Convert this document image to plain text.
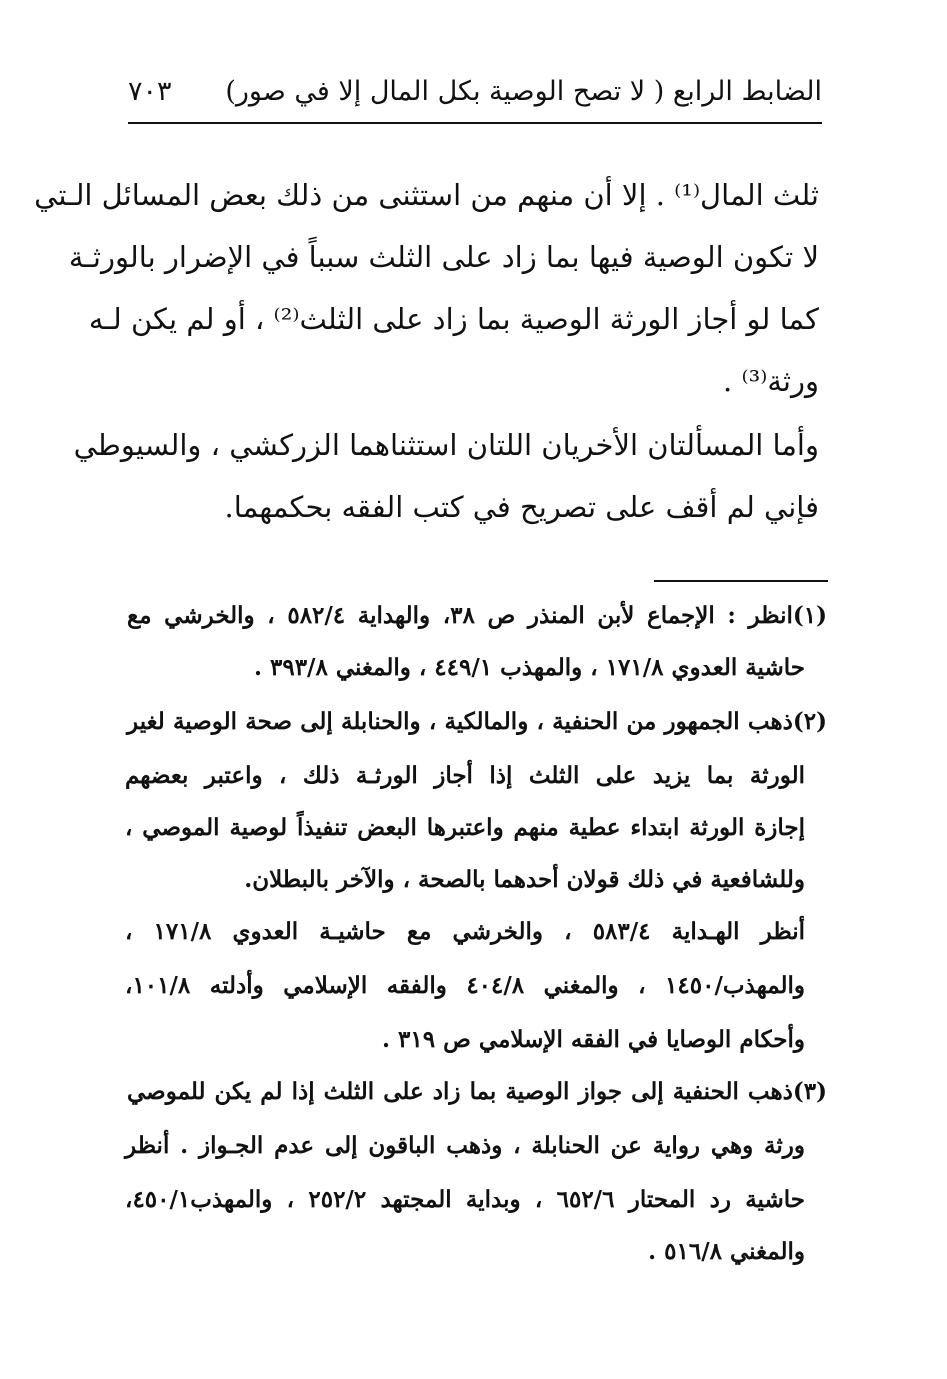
الضابط الرابع ( لا تصح الوصية بكل المال إلا في صور)
٧٠٣
ثلث المال⁽¹⁾ . إلا أن منهم من استثنى من ذلك بعض المسائل الـتي
لا تكون الوصية فيها بما زاد على الثلث سبباً في الإضرار بالورثـة
كما لو أجاز الورثة الوصية بما زاد على الثلث⁽²⁾ ، أو لم يكن لـه
ورثة⁽³⁾ .
وأما المسألتان الأخريان اللتان استثناهما الزركشي ، والسيوطي
فإني لم أقف على تصريح في كتب الفقه بحكمهما.
(١)انظر : الإجماع لأبن المنذر ص ٣٨، والهداية ٥٨٢/٤ ، والخرشي مع
حاشية العدوي ١٧١/٨ ، والمهذب ٤٤٩/١ ، والمغني ٣٩٣/٨ .
(٢)ذهب الجمهور من الحنفية ، والمالكية ، والحنابلة إلى صحة الوصية لغير
الورثة بما يزيد على الثلث إذا أجاز الورثـة ذلك ، واعتبر بعضهم
إجازة الورثة ابتداء عطية منهم واعتبرها البعض تنفيذاً لوصية الموصي ،
وللشافعية في ذلك قولان أحدهما بالصحة ، والآخر بالبطلان.
أنظر الهـداية ٥٨٣/٤ ، والخرشي مع حاشيـة العدوي ١٧١/٨ ،
والمهذب/١٤٥٠ ، والمغني ٤٠٤/٨ والفقه الإسلامي وأدلته ١٠١/٨،
وأحكام الوصايا في الفقه الإسلامي ص ٣١٩ .
(٣)ذهب الحنفية إلى جواز الوصية بما زاد على الثلث إذا لم يكن للموصي
ورثة وهي رواية عن الحنابلة ، وذهب الباقون إلى عدم الجـواز . أنظر
حاشية رد المحتار ٦٥٢/٦ ، وبداية المجتهد ٢٥٢/٢ ، والمهذب٤٥٠/١،
والمغني ٥١٦/٨ .
